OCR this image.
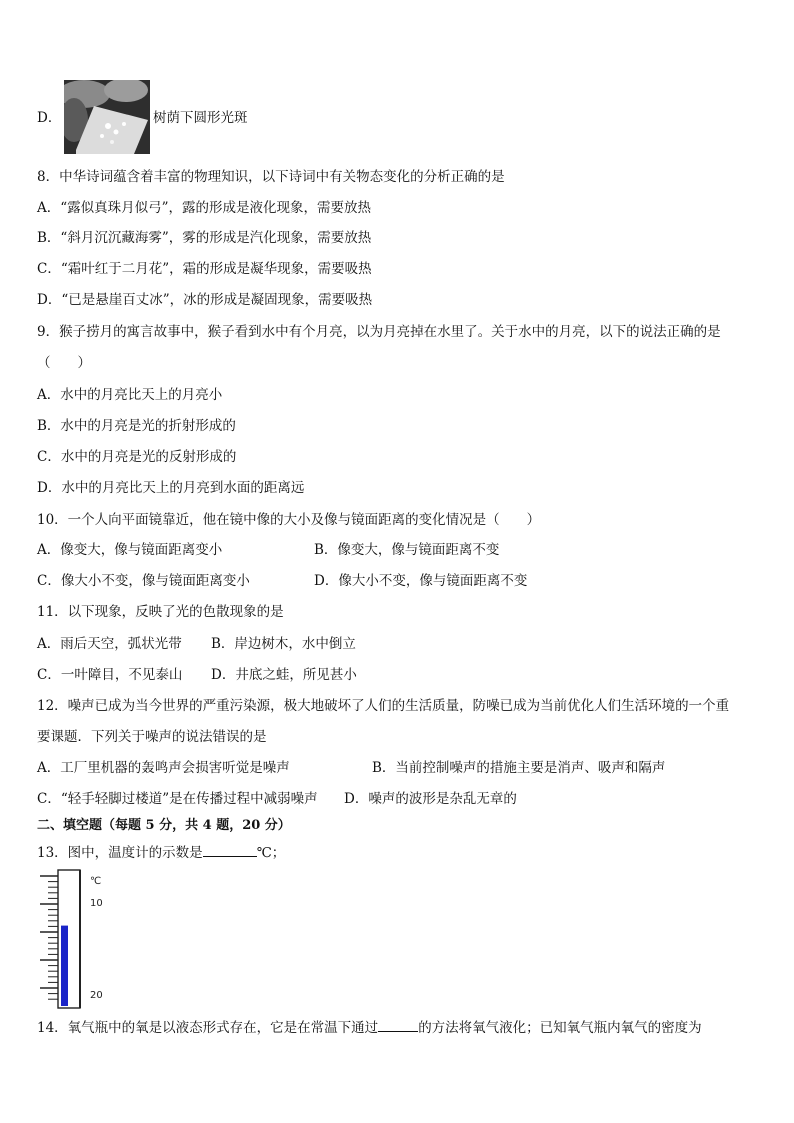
D．	树荫下圆形光斑
8．中华诗词蕴含着丰富的物理知识，以下诗词中有关物态变化的分析正确的是
A．“露似真珠月似弓”，露的形成是液化现象，需要放热
B．“斜月沉沉藏海雾”，雾的形成是汽化现象，需要放热
C．“霜叶红于二月花”，霜的形成是凝华现象，需要吸热
D．“已是悬崖百丈冰”，冰的形成是凝固现象，需要吸热
9．猴子捞月的寓言故事中，猴子看到水中有个月亮，以为月亮掉在水里了。关于水中的月亮，以下的说法正确的是
（　　）
A．水中的月亮比天上的月亮小
B．水中的月亮是光的折射形成的
C．水中的月亮是光的反射形成的
D．水中的月亮比天上的月亮到水面的距离远
10．一个人向平面镜靠近，他在镜中像的大小及像与镜面距离的变化情况是（　　）
A．像变大，像与镜面距离变小	B．像变大，像与镜面距离不变
C．像大小不变，像与镜面距离变小	D．像大小不变，像与镜面距离不变
11．以下现象，反映了光的色散现象的是
A．雨后天空，弧状光带 B．岸边树木，水中倒立
C．一叶障目，不见泰山 D．井底之蛙，所见甚小
12．噪声已成为当今世界的严重污染源，极大地破坏了人们的生活质量，防噪已成为当前优化人们生活环境的一个重
要课题．下列关于噪声的说法错误的是
A．工厂里机器的轰鸣声会损害听觉是噪声	B．当前控制噪声的措施主要是消声、吸声和隔声
C．“轻手轻脚过楼道”是在传播过程中减弱噪声 D．噪声的波形是杂乱无章的
二、填空题（每题 5 分，共 4 题，20 分）
13．图中，温度计的示数是	℃；
℃
10
20
14．氧气瓶中的氧是以液态形式存在，它是在常温下通过	的方法将氧气液化；已知氧气瓶内氧气的密度为
